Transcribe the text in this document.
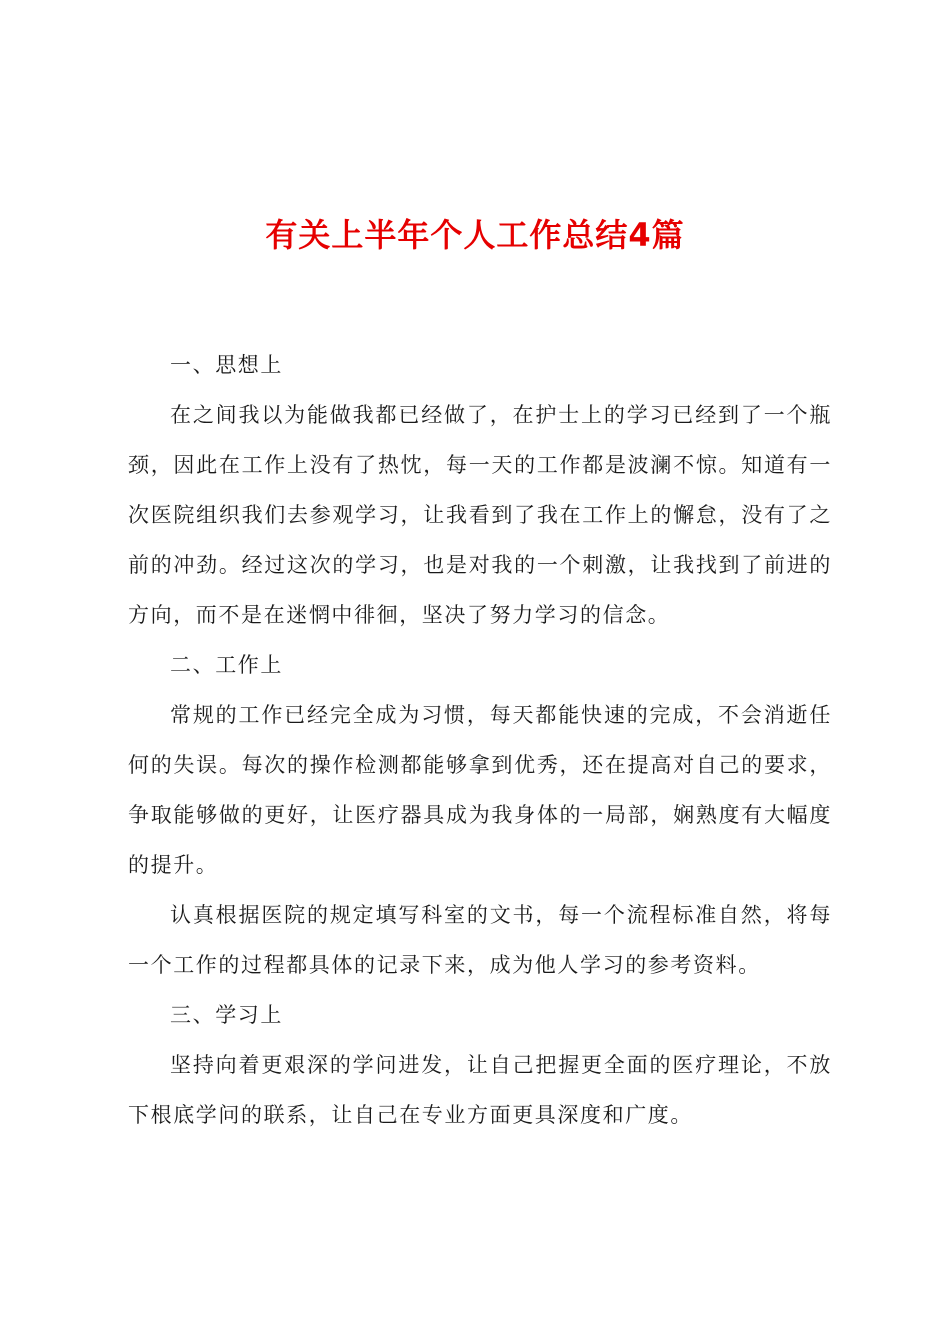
有关上半年个人工作总结4篇

一、思想上

在之间我以为能做我都已经做了，在护士上的学习已经到了一个瓶颈，因此在工作上没有了热忱，每一天的工作都是波澜不惊。知道有一次医院组织我们去参观学习，让我看到了我在工作上的懈怠，没有了之前的冲劲。经过这次的学习，也是对我的一个刺激，让我找到了前进的方向，而不是在迷惘中徘徊，坚决了努力学习的信念。

二、工作上

常规的工作已经完全成为习惯，每天都能快速的完成，不会消逝任何的失误。每次的操作检测都能够拿到优秀，还在提高对自己的要求，争取能够做的更好，让医疗器具成为我身体的一局部，娴熟度有大幅度的提升。

认真根据医院的规定填写科室的文书，每一个流程标准自然，将每一个工作的过程都具体的记录下来，成为他人学习的参考资料。

三、学习上

坚持向着更艰深的学问进发，让自己把握更全面的医疗理论，不放下根底学问的联系，让自己在专业方面更具深度和广度。
